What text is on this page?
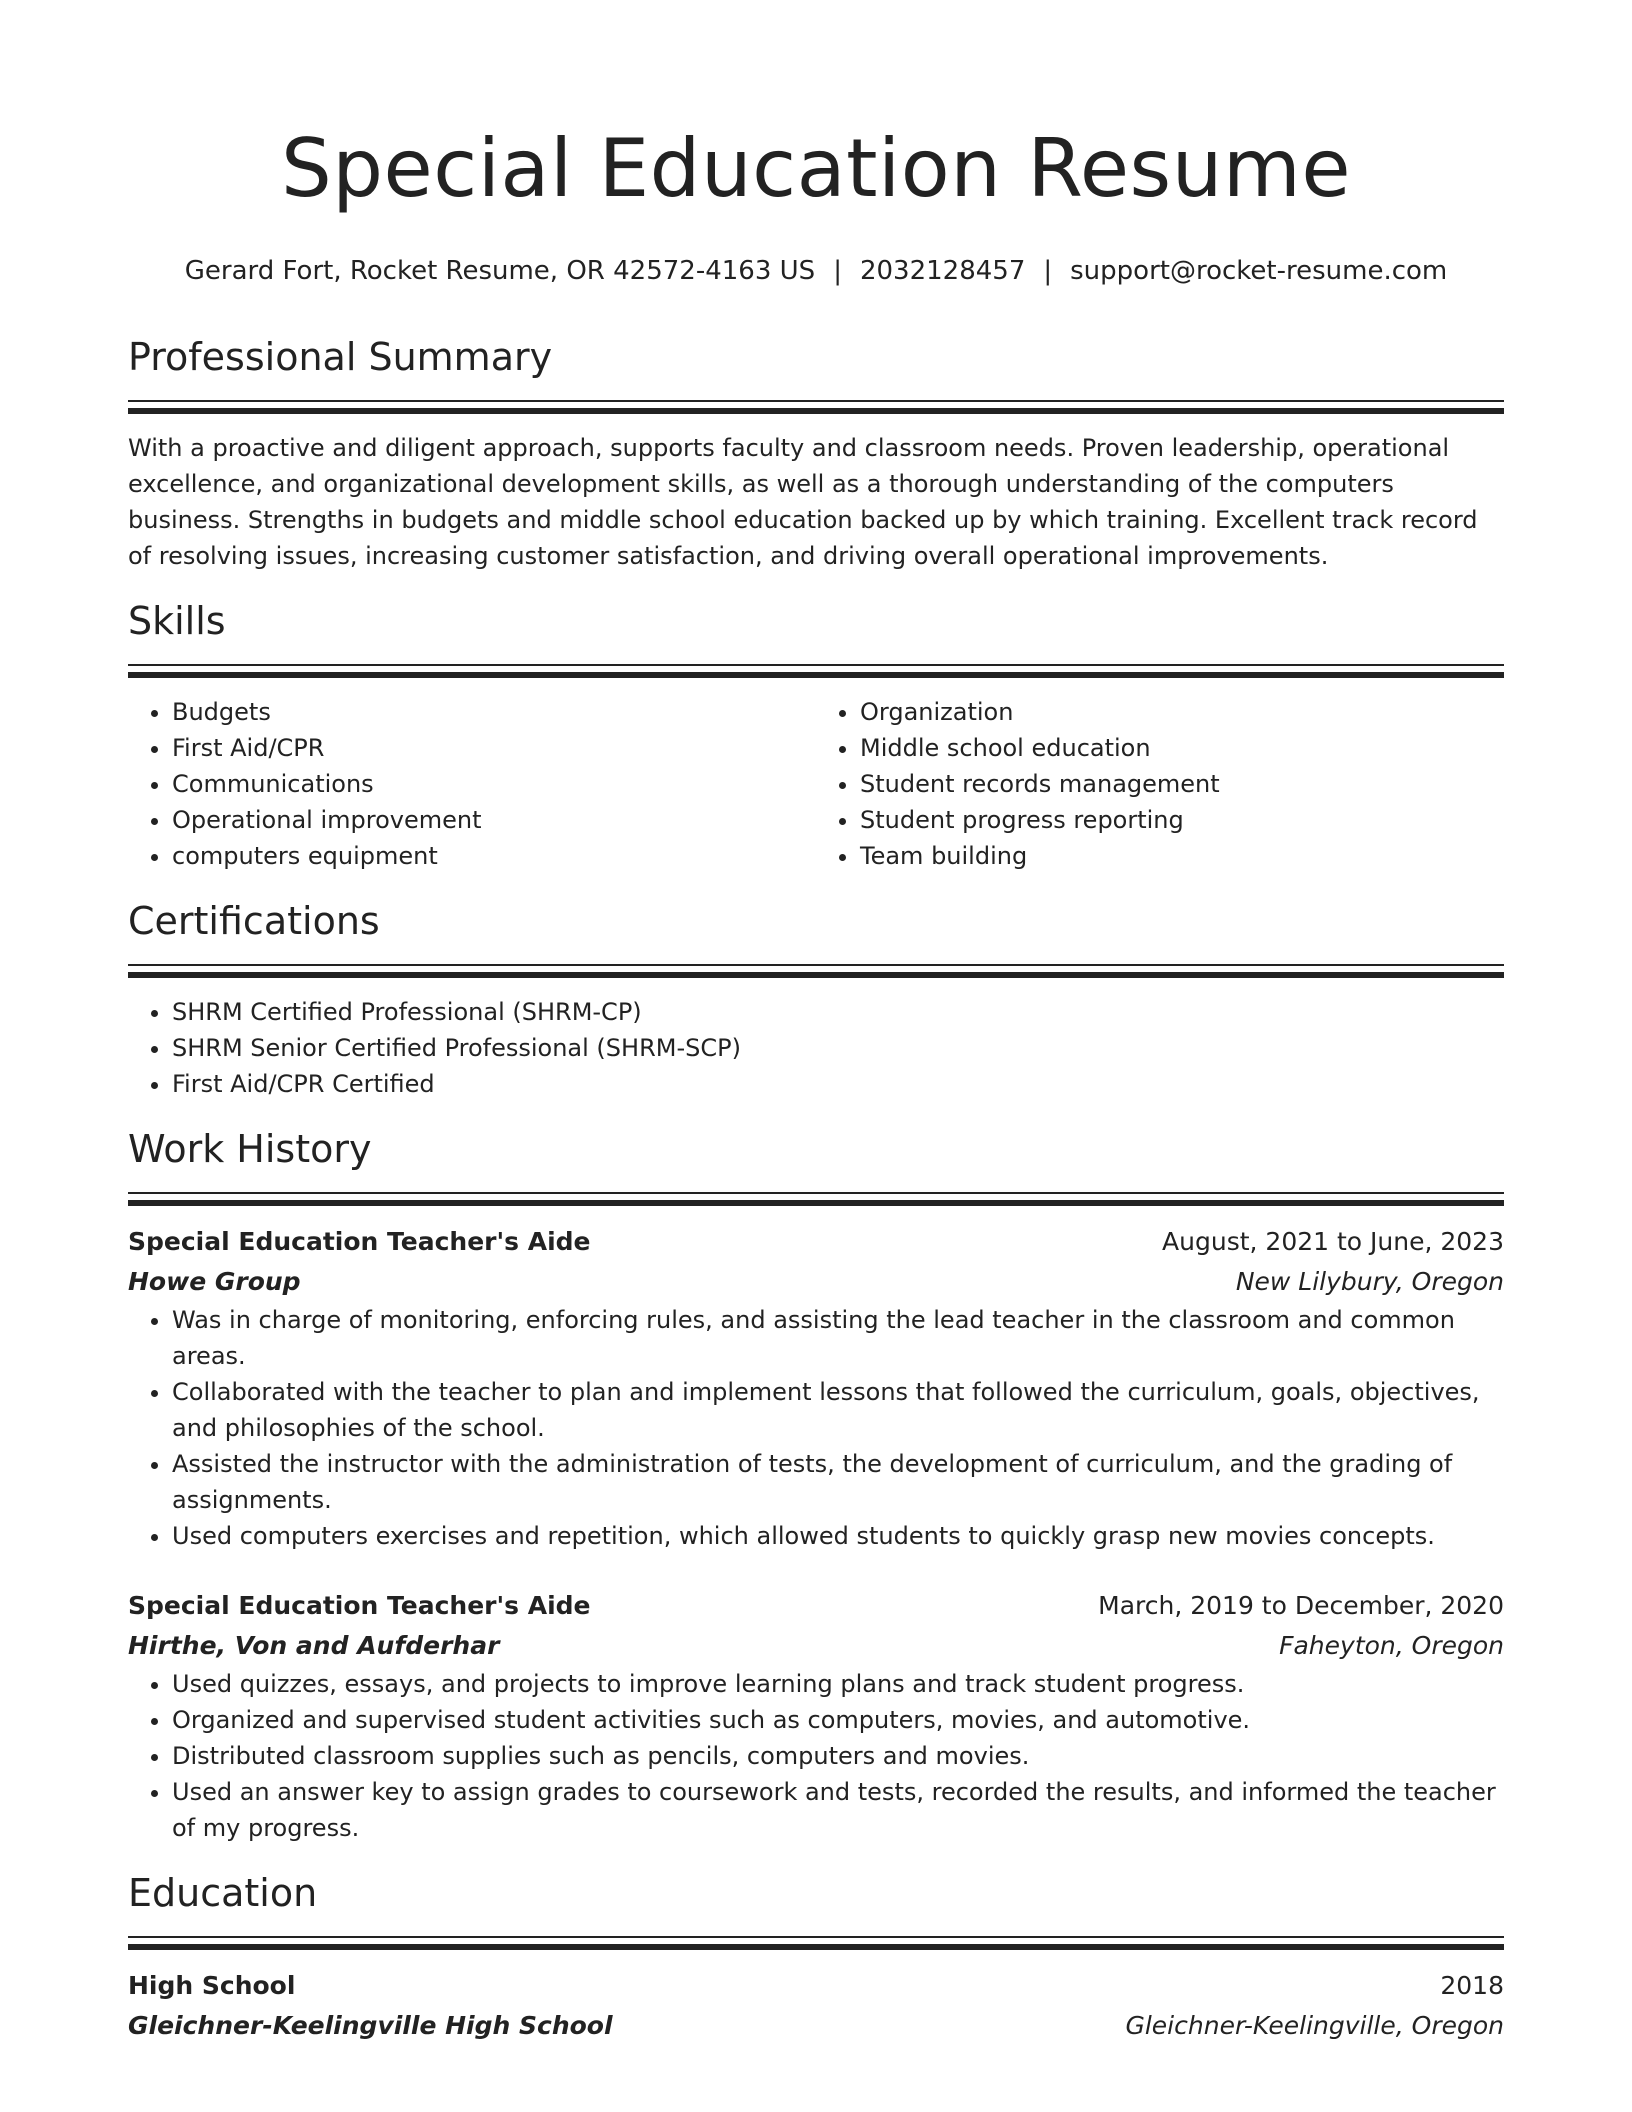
Special Education Resume
Gerard Fort, Rocket Resume, OR 42572-4163 US | 2032128457 | support@rocket-resume.com
Professional Summary

With a proactive and diligent approach, supports faculty and classroom needs. Proven leadership, operational excellence, and organizational development skills, as well as a thorough understanding of the computers business. Strengths in budgets and middle school education backed up by which training. Excellent track record of resolving issues, increasing customer satisfaction, and driving overall operational improvements.

Skills
• Budgets
• First Aid/CPR
• Communications
• Operational improvement
• computers equipment
• Organization
• Middle school education
• Student records management
• Student progress reporting
• Team building
Certifications
• SHRM Certified Professional (SHRM-CP)
• SHRM Senior Certified Professional (SHRM-SCP)
• First Aid/CPR Certified
Work History
Special Education Teacher's Aide	August, 2021 to June, 2023
Howe Group	New Lilybury, Oregon
• Was in charge of monitoring, enforcing rules, and assisting the lead teacher in the classroom and common areas.
• Collaborated with the teacher to plan and implement lessons that followed the curriculum, goals, objectives, and philosophies of the school.
• Assisted the instructor with the administration of tests, the development of curriculum, and the grading of assignments.
• Used computers exercises and repetition, which allowed students to quickly grasp new movies concepts.
Special Education Teacher's Aide	March, 2019 to December, 2020
Hirthe, Von and Aufderhar	Faheyton, Oregon
• Used quizzes, essays, and projects to improve learning plans and track student progress.
• Organized and supervised student activities such as computers, movies, and automotive.
• Distributed classroom supplies such as pencils, computers and movies.
• Used an answer key to assign grades to coursework and tests, recorded the results, and informed the teacher of my progress.
Education
High School	2018
Gleichner-Keelingville High School	Gleichner-Keelingville, Oregon
